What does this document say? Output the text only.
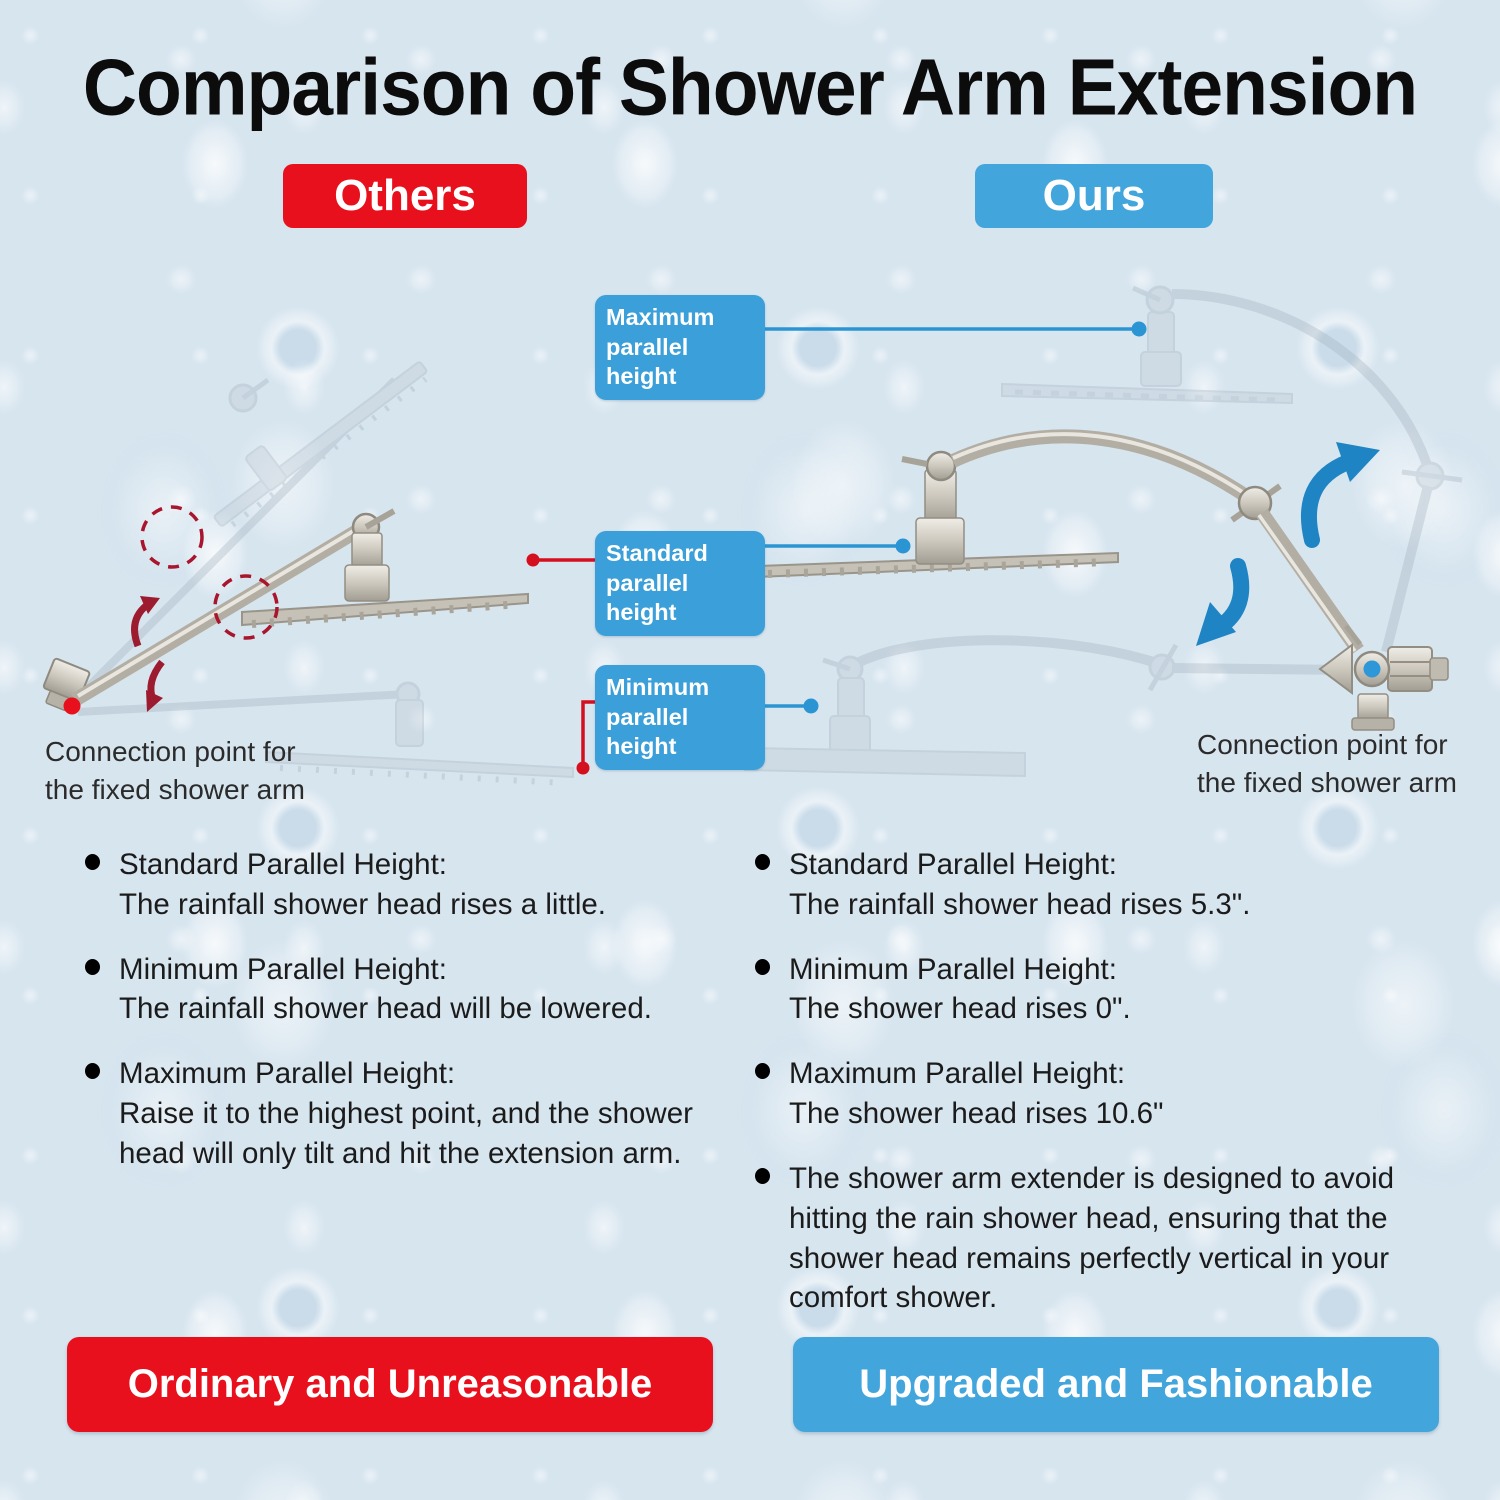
Comparison of Shower Arm Extension
Others	Ours
Maximum
parallel height
Standard
parallel height
Minimum
parallel height
Connection point for
the fixed shower arm
Connection point for
the fixed shower arm
Standard Parallel Height:
The rainfall shower head rises a little.
Minimum Parallel Height:
The rainfall shower head will be lowered.
Maximum Parallel Height:
Raise it to the highest point, and the shower head will only tilt and hit the extension arm.
Standard Parallel Height:
The rainfall shower head rises 5.3".
Minimum Parallel Height:
The shower head rises 0".
Maximum Parallel Height:
The shower head rises 10.6"
The shower arm extender is designed to avoid hitting the rain shower head, ensuring that the shower head remains perfectly vertical in your comfort shower.
Ordinary and Unreasonable	Upgraded and Fashionable
